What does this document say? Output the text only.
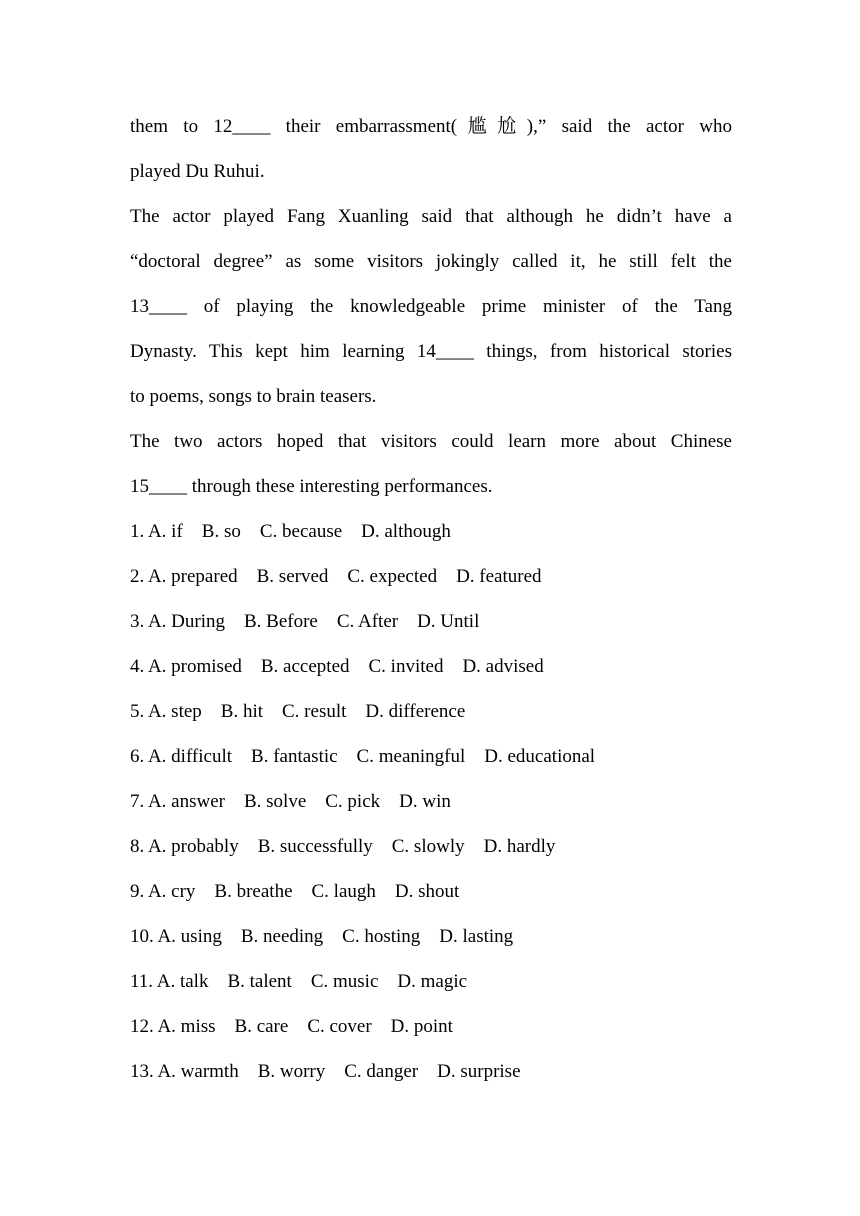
them to 12____ their embarrassment(尴尬),” said the actor who
played Du Ruhui.
The actor played Fang Xuanling said that although he didn’t have a
“doctoral degree” as some visitors jokingly called it, he still felt the
13____ of playing the knowledgeable prime minister of the Tang
Dynasty. This kept him learning 14____ things, from historical stories
to poems, songs to brain teasers.
The two actors hoped that visitors could learn more about Chinese
15____ through these interesting performances.
1. A. if    B. so    C. because    D. although
2. A. prepared    B. served    C. expected    D. featured
3. A. During    B. Before    C. After    D. Until
4. A. promised    B. accepted    C. invited    D. advised
5. A. step    B. hit    C. result    D. difference
6. A. difficult    B. fantastic    C. meaningful    D. educational
7. A. answer    B. solve    C. pick    D. win
8. A. probably    B. successfully    C. slowly    D. hardly
9. A. cry    B. breathe    C. laugh    D. shout
10. A. using    B. needing    C. hosting    D. lasting
11. A. talk    B. talent    C. music    D. magic
12. A. miss    B. care    C. cover    D. point
13. A. warmth    B. worry    C. danger    D. surprise
